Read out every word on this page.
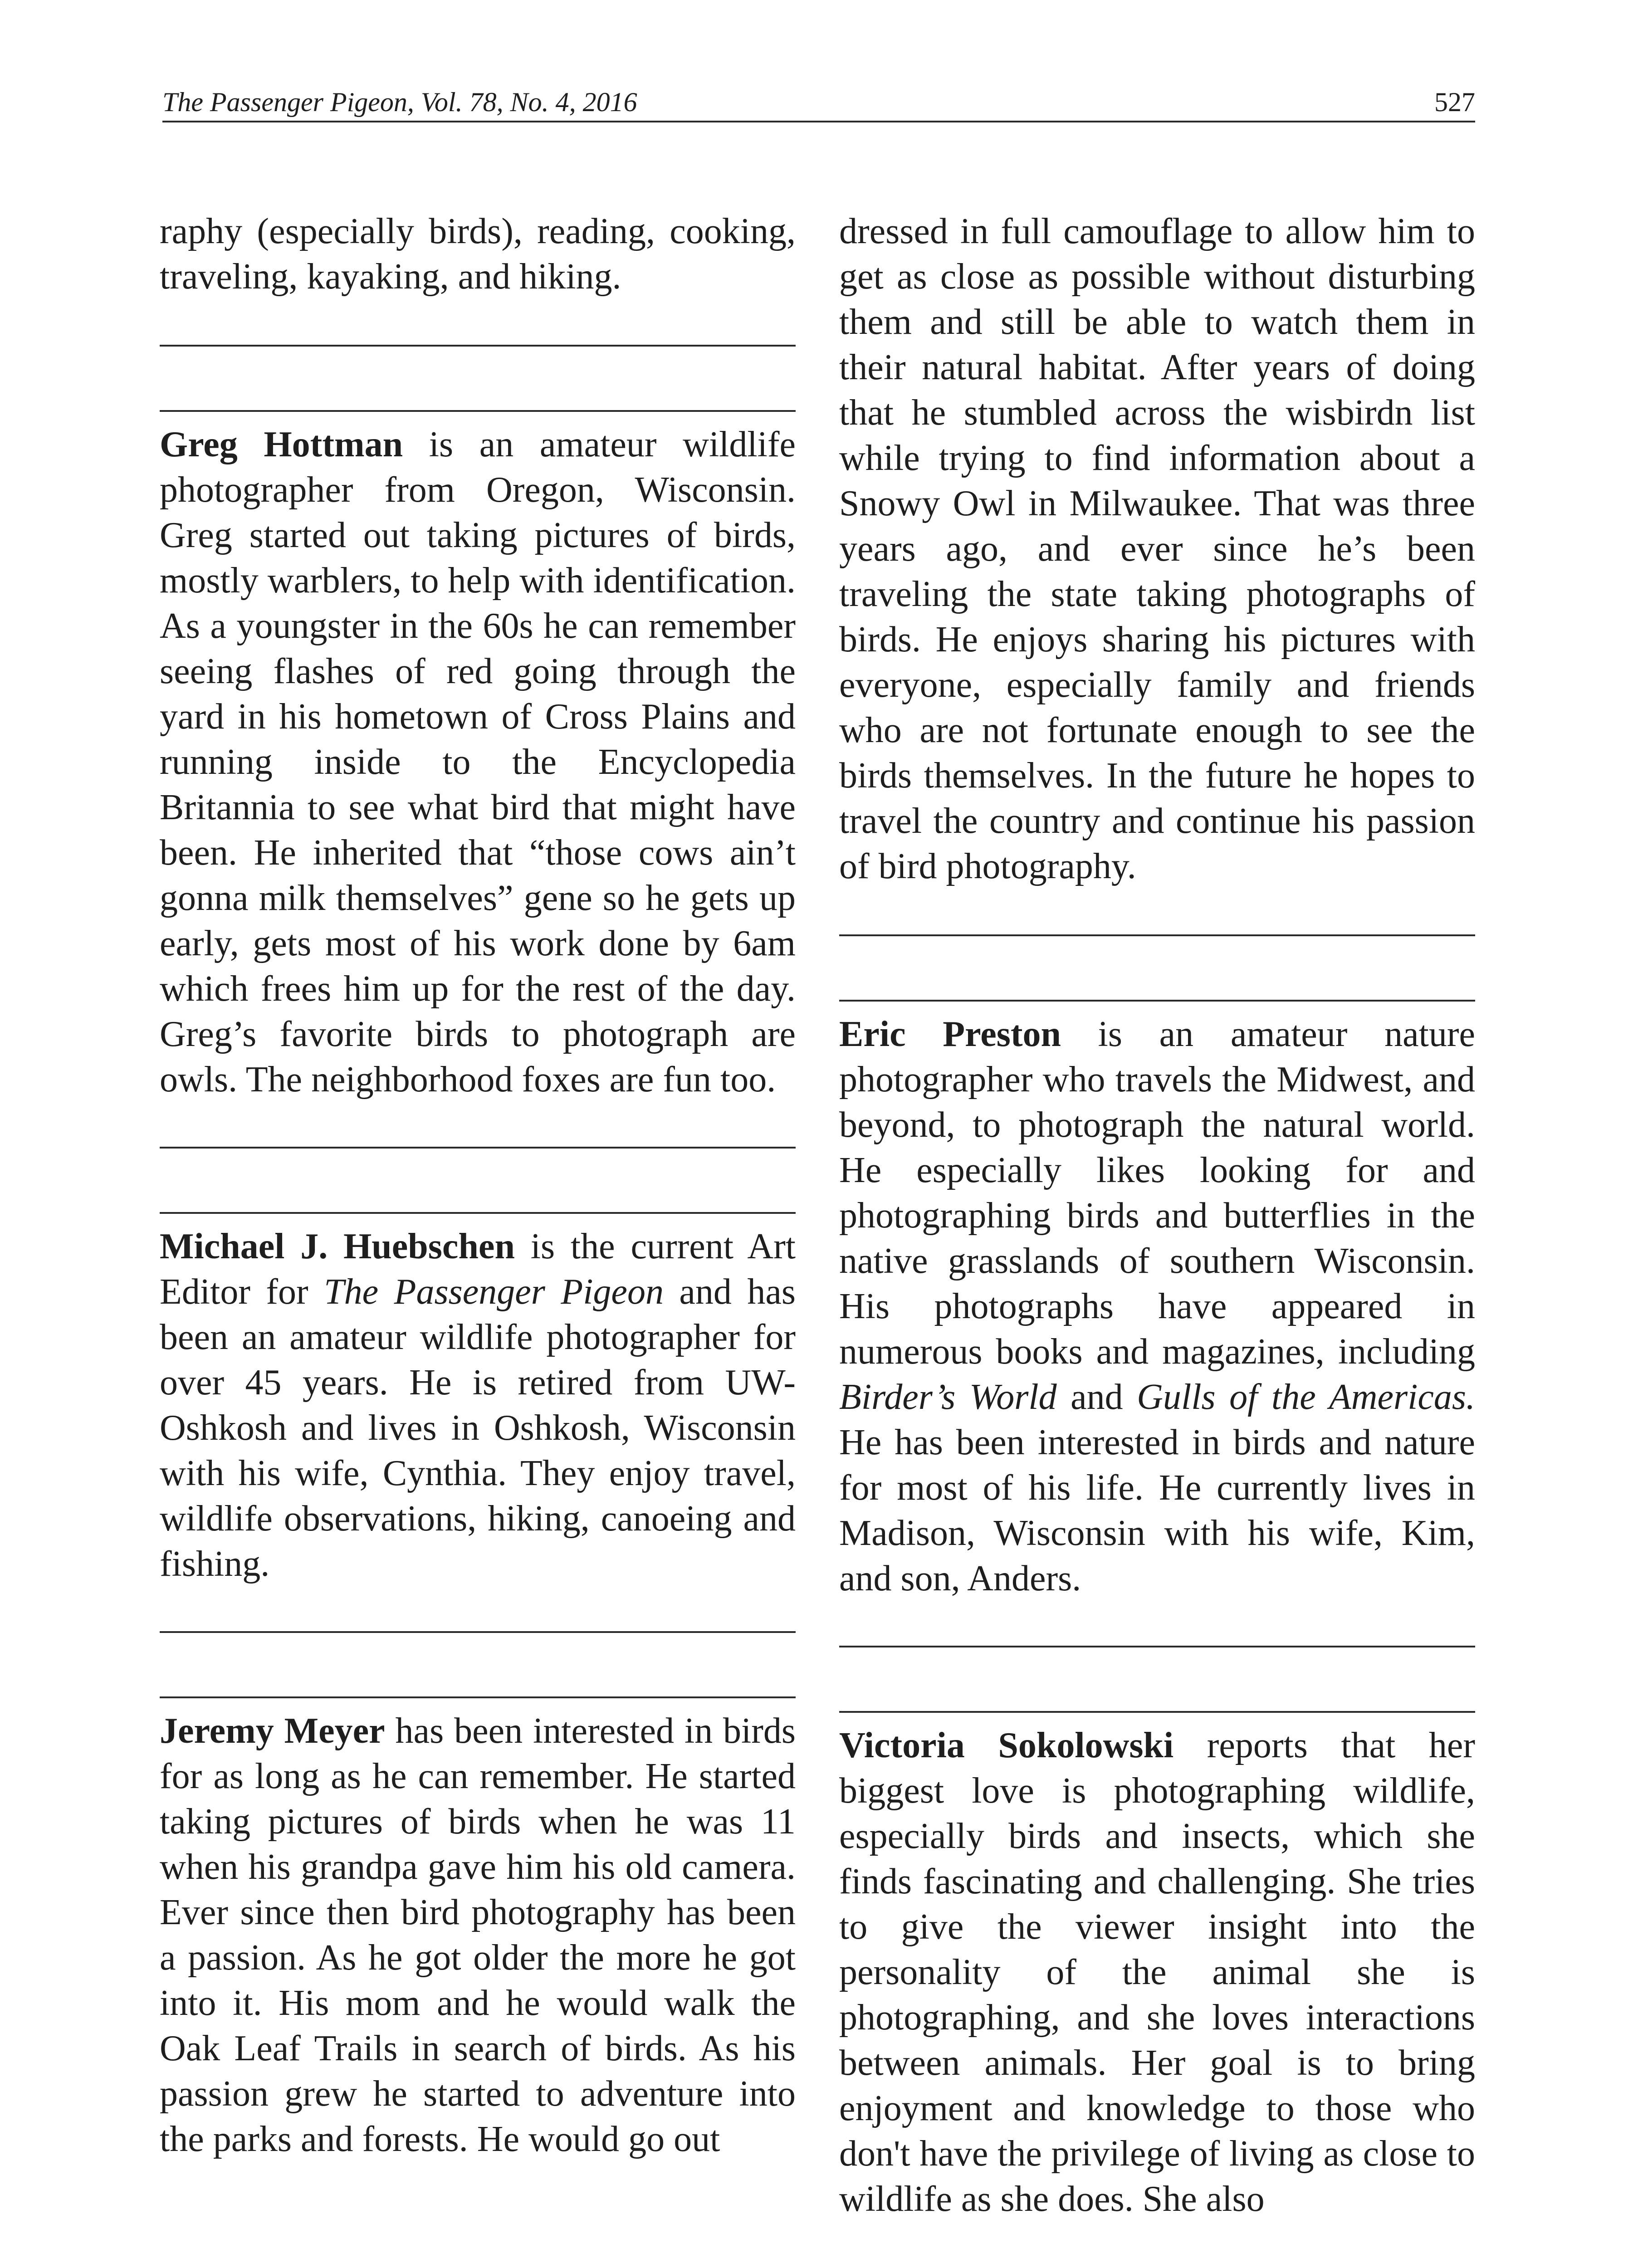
The Passenger Pigeon, Vol. 78, No. 4, 2016	527

raphy (especially birds), reading, cooking, traveling, kayaking, and hiking.

Greg Hottman is an amateur wildlife photographer from Oregon, Wisconsin. Greg started out taking pictures of birds, mostly warblers, to help with identification. As a youngster in the 60s he can remember seeing flashes of red going through the yard in his hometown of Cross Plains and running inside to the Encyclopedia Britannia to see what bird that might have been. He inherited that “those cows ain’t gonna milk themselves” gene so he gets up early, gets most of his work done by 6am which frees him up for the rest of the day. Greg’s favorite birds to photograph are owls. The neighborhood foxes are fun too.

Michael J. Huebschen is the current Art Editor for The Passenger Pigeon and has been an amateur wildlife photographer for over 45 years. He is retired from UW-Oshkosh and lives in Oshkosh, Wisconsin with his wife, Cynthia. They enjoy travel, wildlife observations, hiking, canoeing and fishing.

Jeremy Meyer has been interested in birds for as long as he can remember. He started taking pictures of birds when he was 11 when his grandpa gave him his old camera. Ever since then bird photography has been a passion. As he got older the more he got into it. His mom and he would walk the Oak Leaf Trails in search of birds. As his passion grew he started to adventure into the parks and forests. He would go out

dressed in full camouflage to allow him to get as close as possible without disturbing them and still be able to watch them in their natural habitat. After years of doing that he stumbled across the wisbirdn list while trying to find information about a Snowy Owl in Milwaukee. That was three years ago, and ever since he’s been traveling the state taking photographs of birds. He enjoys sharing his pictures with everyone, especially family and friends who are not fortunate enough to see the birds themselves. In the future he hopes to travel the country and continue his passion of bird photography.

Eric Preston is an amateur nature photographer who travels the Midwest, and beyond, to photograph the natural world. He especially likes looking for and photographing birds and butterflies in the native grasslands of southern Wisconsin. His photographs have appeared in numerous books and magazines, including Birder’s World and Gulls of the Americas. He has been interested in birds and nature for most of his life. He currently lives in Madison, Wisconsin with his wife, Kim, and son, Anders.

Victoria Sokolowski reports that her biggest love is photographing wildlife, especially birds and insects, which she finds fascinating and challenging. She tries to give the viewer insight into the personality of the animal she is photographing, and she loves interactions between animals. Her goal is to bring enjoyment and knowledge to those who don't have the privilege of living as close to wildlife as she does. She also
